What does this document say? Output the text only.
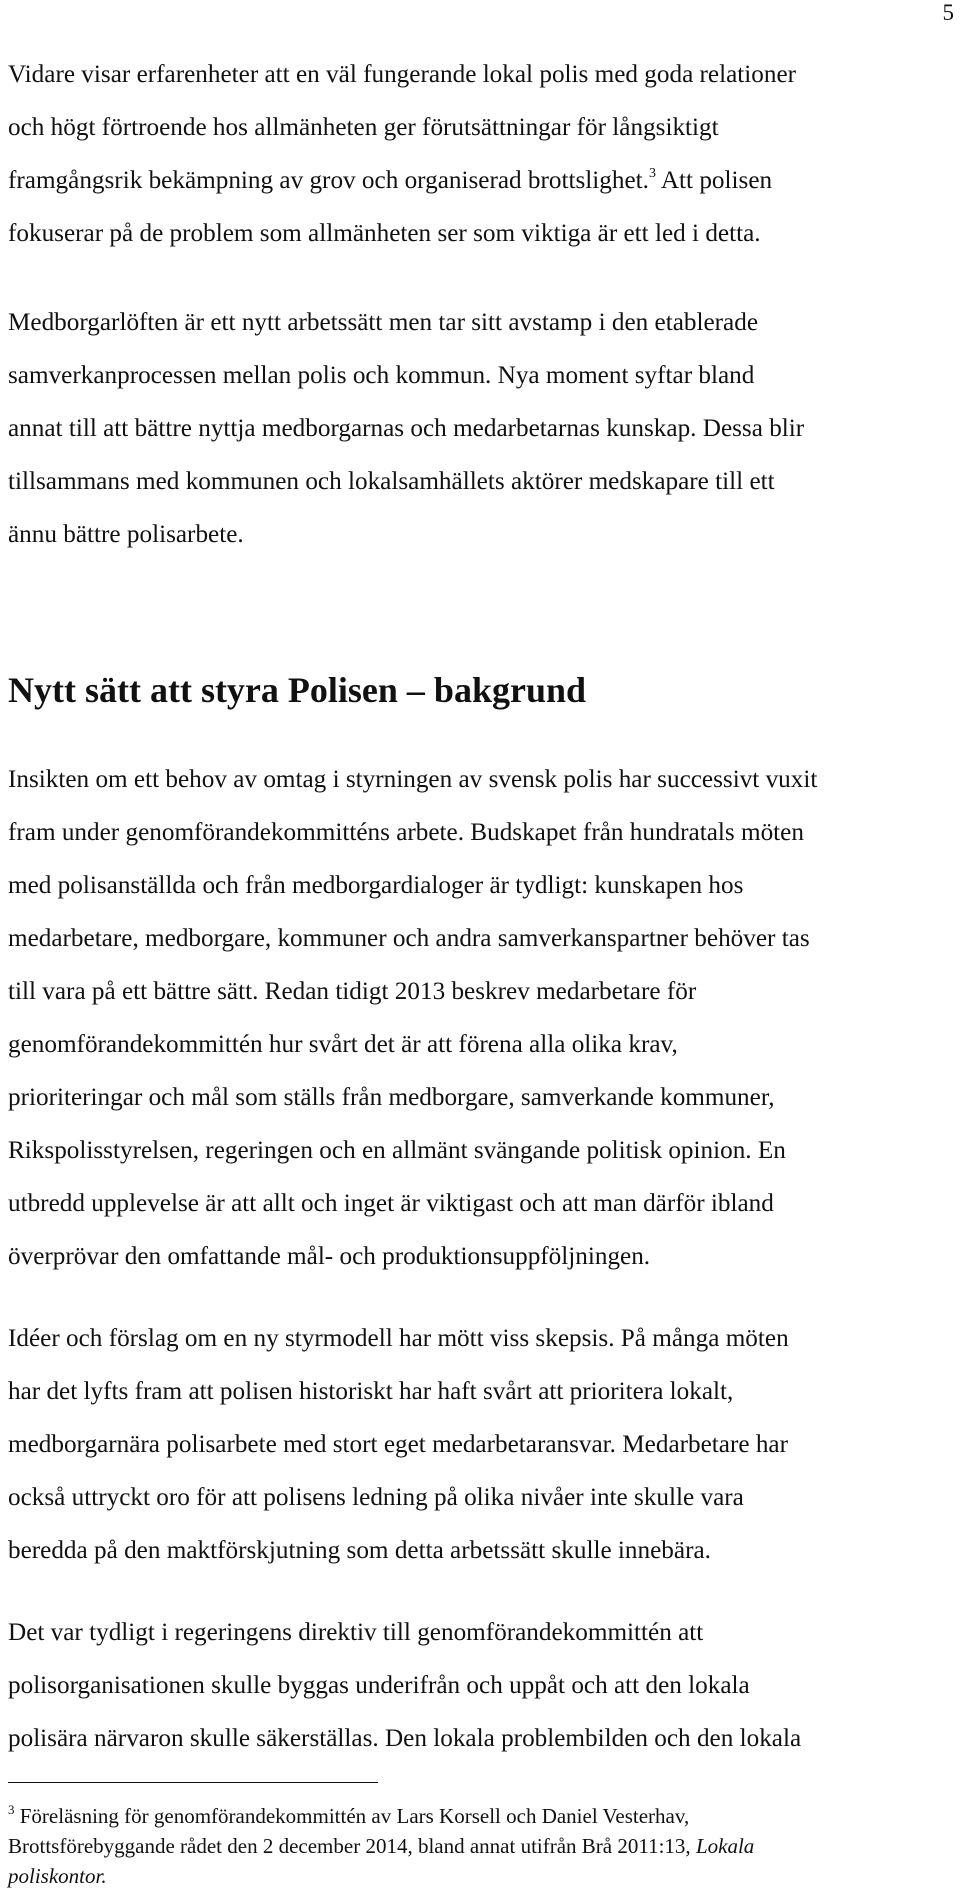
5

Vidare visar erfarenheter att en väl fungerande lokal polis med goda relationer
och högt förtroende hos allmänheten ger förutsättningar för långsiktigt
framgångsrik bekämpning av grov och organiserad brottslighet.$^3$ Att polisen
fokuserar på de problem som allmänheten ser som viktiga är ett led i detta.

Medborgarlöften är ett nytt arbetssätt men tar sitt avstamp i den etablerade
samverkanprocessen mellan polis och kommun. Nya moment syftar bland
annat till att bättre nyttja medborgarnas och medarbetarnas kunskap. Dessa blir
tillsammans med kommunen och lokalsamhällets aktörer medskapare till ett
ännu bättre polisarbete.

Nytt sätt att styra Polisen – bakgrund

Insikten om ett behov av omtag i styrningen av svensk polis har successivt vuxit
fram under genomförandekommitténs arbete. Budskapet från hundratals möten
med polisanställda och från medborgardialoger är tydligt: kunskapen hos
medarbetare, medborgare, kommuner och andra samverkanspartner behöver tas
till vara på ett bättre sätt. Redan tidigt 2013 beskrev medarbetare för
genomförandekommittén hur svårt det är att förena alla olika krav,
prioriteringar och mål som ställs från medborgare, samverkande kommuner,
Rikspolisstyrelsen, regeringen och en allmänt svängande politisk opinion. En
utbredd upplevelse är att allt och inget är viktigast och att man därför ibland
överprövar den omfattande mål- och produktionsuppföljningen.

Idéer och förslag om en ny styrmodell har mött viss skepsis. På många möten
har det lyfts fram att polisen historiskt har haft svårt att prioritera lokalt,
medborgarnära polisarbete med stort eget medarbetaransvar. Medarbetare har
också uttryckt oro för att polisens ledning på olika nivåer inte skulle vara
beredda på den maktförskjutning som detta arbetssätt skulle innebära.

Det var tydligt i regeringens direktiv till genomförandekommittén att
polisorganisationen skulle byggas underifrån och uppåt och att den lokala
polisära närvaron skulle säkerställas. Den lokala problembilden och den lokala

$^3$ Föreläsning för genomförandekommittén av Lars Korsell och Daniel Vesterhav,
Brottsförebyggande rådet den 2 december 2014, bland annat utifrån Brå 2011:13, Lokala
poliskontor.
